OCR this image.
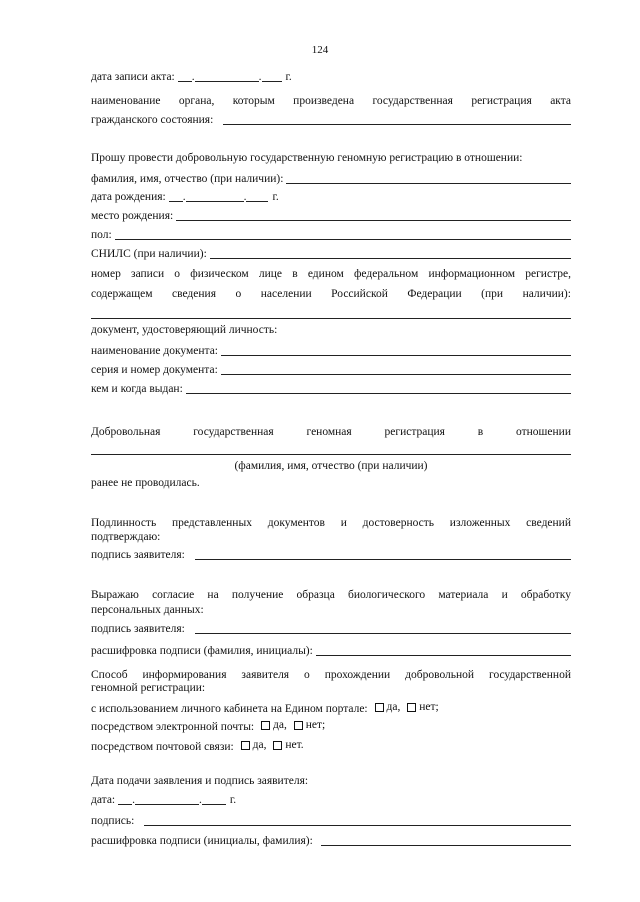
124
дата записи акта: .	.	г.
наименование органа, которым произведена государственная регистрация акта
гражданского состояния:
Прошу провести добровольную государственную геномную регистрацию в отношении:
фамилия, имя, отчество (при наличии):
дата рождения: .	.	г.
место рождения:
пол:
СНИЛС (при наличии):
номер записи о физическом лице в едином федеральном информационном регистре,
содержащем сведения о населении Российской Федерации (при наличии):
документ, удостоверяющий личность:
наименование документа:
серия и номер документа:
кем и когда выдан:
Добровольная	государственная	геномная	регистрация	в	отношении
(фамилия, имя, отчество (при наличии)
ранее не проводилась.
Подлинность представленных документов и достоверность изложенных сведений
подтверждаю:
подпись заявителя:
Выражаю согласие на получение образца биологического материала и обработку
персональных данных:
подпись заявителя:
расшифровка подписи (фамилия, инициалы):
Способ информирования заявителя о прохождении добровольной государственной
геномной регистрации:
с использованием личного кабинета на Едином портале: да,
нет;
посредством электронной почты: да,
нет;
посредством почтовой связи: да,
нет.
Дата подачи заявления и подпись заявителя:
дата: .	.	г.
подпись:
расшифровка подписи (инициалы, фамилия):
